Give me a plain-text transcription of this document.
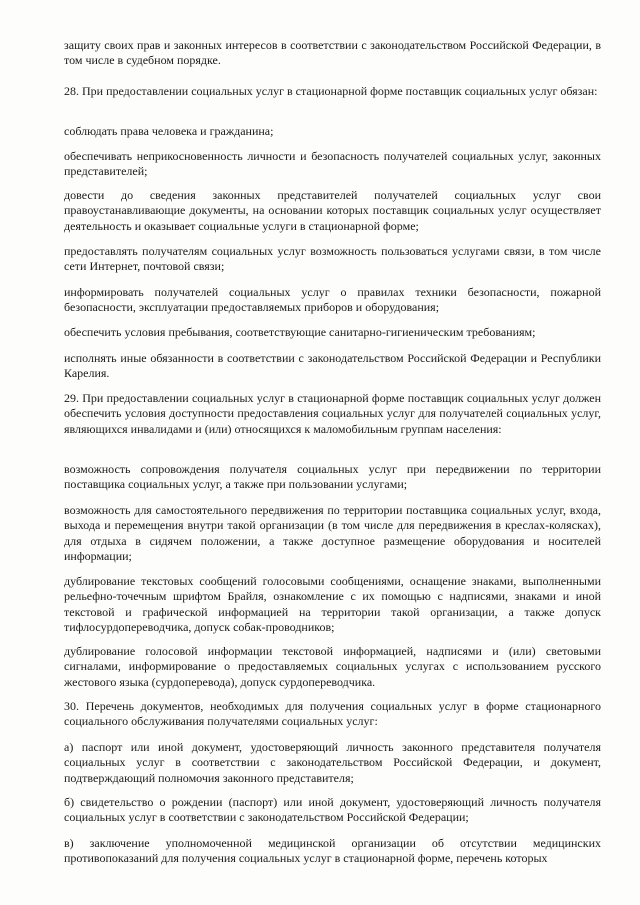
защиту своих прав и законных интересов в соответствии с законодательством Российской Федерации, в том числе в судебном порядке.

28. При предоставлении социальных услуг в стационарной форме поставщик социальных услуг обязан:

соблюдать права человека и гражданина;

обеспечивать неприкосновенность личности и безопасность получателей социальных услуг, законных представителей;

довести до сведения законных представителей получателей социальных услуг свои правоустанавливающие документы, на основании которых поставщик социальных услуг осуществляет деятельность и оказывает социальные услуги в стационарной форме;

предоставлять получателям социальных услуг возможность пользоваться услугами связи, в том числе сети Интернет, почтовой связи;

информировать получателей социальных услуг о правилах техники безопасности, пожарной безопасности, эксплуатации предоставляемых приборов и оборудования;

обеспечить условия пребывания, соответствующие санитарно-гигиеническим требованиям;

исполнять иные обязанности в соответствии с законодательством Российской Федерации и Республики Карелия.

29. При предоставлении социальных услуг в стационарной форме поставщик социальных услуг должен обеспечить условия доступности предоставления социальных услуг для получателей социальных услуг, являющихся инвалидами и (или) относящихся к маломобильным группам населения:

возможность сопровождения получателя социальных услуг при передвижении по территории поставщика социальных услуг, а также при пользовании услугами;

возможность для самостоятельного передвижения по территории поставщика социальных услуг, входа, выхода и перемещения внутри такой организации (в том числе для передвижения в креслах-колясках), для отдыха в сидячем положении, а также доступное размещение оборудования и носителей информации;

дублирование текстовых сообщений голосовыми сообщениями, оснащение знаками, выполненными рельефно-точечным шрифтом Брайля, ознакомление с их помощью с надписями, знаками и иной текстовой и графической информацией на территории такой организации, а также допуск тифлосурдопереводчика, допуск собак-проводников;

дублирование голосовой информации текстовой информацией, надписями и (или) световыми сигналами, информирование о предоставляемых социальных услугах с использованием русского жестового языка (сурдоперевода), допуск сурдопереводчика.

30. Перечень документов, необходимых для получения социальных услуг в форме стационарного социального обслуживания получателями социальных услуг:

а) паспорт или иной документ, удостоверяющий личность законного представителя получателя социальных услуг в соответствии с законодательством Российской Федерации, и документ, подтверждающий полномочия законного представителя;

б) свидетельство о рождении (паспорт) или иной документ, удостоверяющий личность получателя социальных услуг в соответствии с законодательством Российской Федерации;

в) заключение уполномоченной медицинской организации об отсутствии медицинских противопоказаний для получения социальных услуг в стационарной форме, перечень которых
